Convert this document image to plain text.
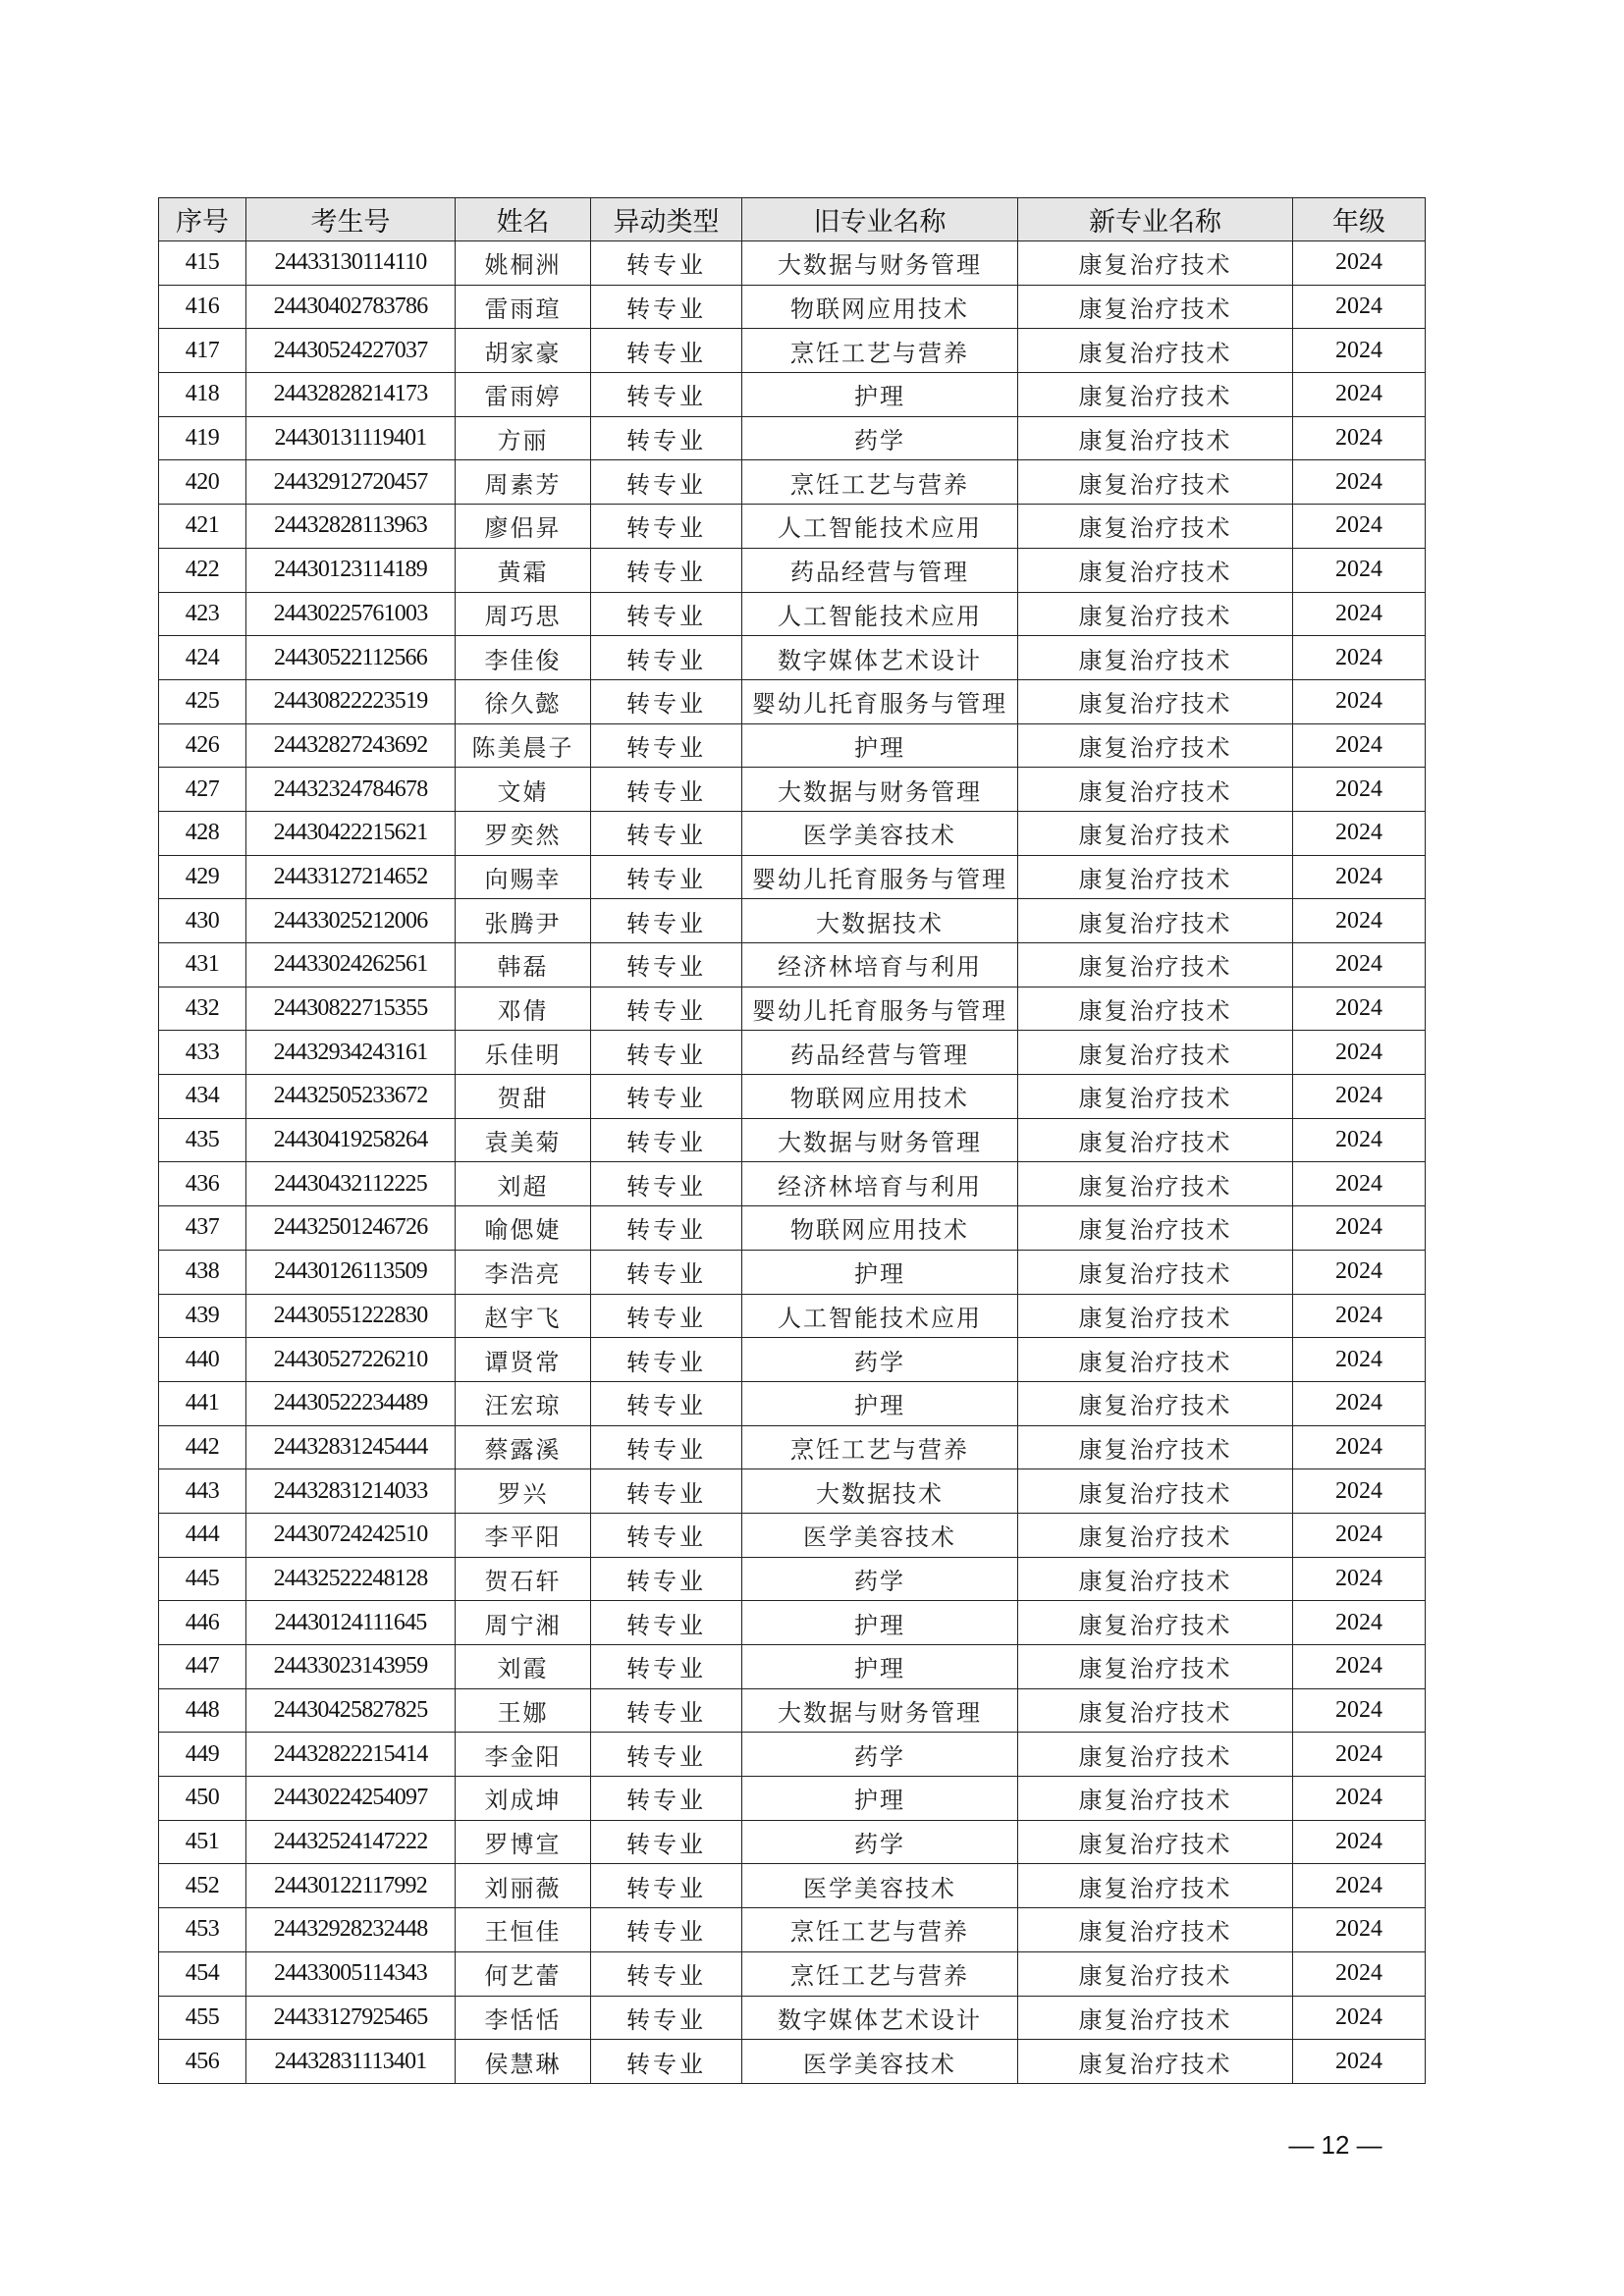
序号	考生号	姓名	异动类型	旧专业名称	新专业名称	年级
415	24433130114110	姚桐洲	转专业	大数据与财务管理	康复治疗技术	2024
416	24430402783786	雷雨瑄	转专业	物联网应用技术	康复治疗技术	2024
417	24430524227037	胡家豪	转专业	烹饪工艺与营养	康复治疗技术	2024
418	24432828214173	雷雨婷	转专业	护理	康复治疗技术	2024
419	24430131119401	方丽	转专业	药学	康复治疗技术	2024
420	24432912720457	周素芳	转专业	烹饪工艺与营养	康复治疗技术	2024
421	24432828113963	廖侣昇	转专业	人工智能技术应用	康复治疗技术	2024
422	24430123114189	黄霜	转专业	药品经营与管理	康复治疗技术	2024
423	24430225761003	周巧思	转专业	人工智能技术应用	康复治疗技术	2024
424	24430522112566	李佳俊	转专业	数字媒体艺术设计	康复治疗技术	2024
425	24430822223519	徐久懿	转专业	婴幼儿托育服务与管理	康复治疗技术	2024
426	24432827243692	陈美晨子	转专业	护理	康复治疗技术	2024
427	24432324784678	文婧	转专业	大数据与财务管理	康复治疗技术	2024
428	24430422215621	罗奕然	转专业	医学美容技术	康复治疗技术	2024
429	24433127214652	向赐幸	转专业	婴幼儿托育服务与管理	康复治疗技术	2024
430	24433025212006	张腾尹	转专业	大数据技术	康复治疗技术	2024
431	24433024262561	韩磊	转专业	经济林培育与利用	康复治疗技术	2024
432	24430822715355	邓倩	转专业	婴幼儿托育服务与管理	康复治疗技术	2024
433	24432934243161	乐佳明	转专业	药品经营与管理	康复治疗技术	2024
434	24432505233672	贺甜	转专业	物联网应用技术	康复治疗技术	2024
435	24430419258264	袁美菊	转专业	大数据与财务管理	康复治疗技术	2024
436	24430432112225	刘超	转专业	经济林培育与利用	康复治疗技术	2024
437	24432501246726	喻偲婕	转专业	物联网应用技术	康复治疗技术	2024
438	24430126113509	李浩亮	转专业	护理	康复治疗技术	2024
439	24430551222830	赵宇飞	转专业	人工智能技术应用	康复治疗技术	2024
440	24430527226210	谭贤常	转专业	药学	康复治疗技术	2024
441	24430522234489	汪宏琼	转专业	护理	康复治疗技术	2024
442	24432831245444	蔡露溪	转专业	烹饪工艺与营养	康复治疗技术	2024
443	24432831214033	罗兴	转专业	大数据技术	康复治疗技术	2024
444	24430724242510	李平阳	转专业	医学美容技术	康复治疗技术	2024
445	24432522248128	贺石轩	转专业	药学	康复治疗技术	2024
446	24430124111645	周宁湘	转专业	护理	康复治疗技术	2024
447	24433023143959	刘霞	转专业	护理	康复治疗技术	2024
448	24430425827825	王娜	转专业	大数据与财务管理	康复治疗技术	2024
449	24432822215414	李金阳	转专业	药学	康复治疗技术	2024
450	24430224254097	刘成坤	转专业	护理	康复治疗技术	2024
451	24432524147222	罗博宣	转专业	药学	康复治疗技术	2024
452	24430122117992	刘丽薇	转专业	医学美容技术	康复治疗技术	2024
453	24432928232448	王恒佳	转专业	烹饪工艺与营养	康复治疗技术	2024
454	24433005114343	何艺蕾	转专业	烹饪工艺与营养	康复治疗技术	2024
455	24433127925465	李恬恬	转专业	数字媒体艺术设计	康复治疗技术	2024
456	24432831113401	侯慧琳	转专业	医学美容技术	康复治疗技术	2024
— 12 —
